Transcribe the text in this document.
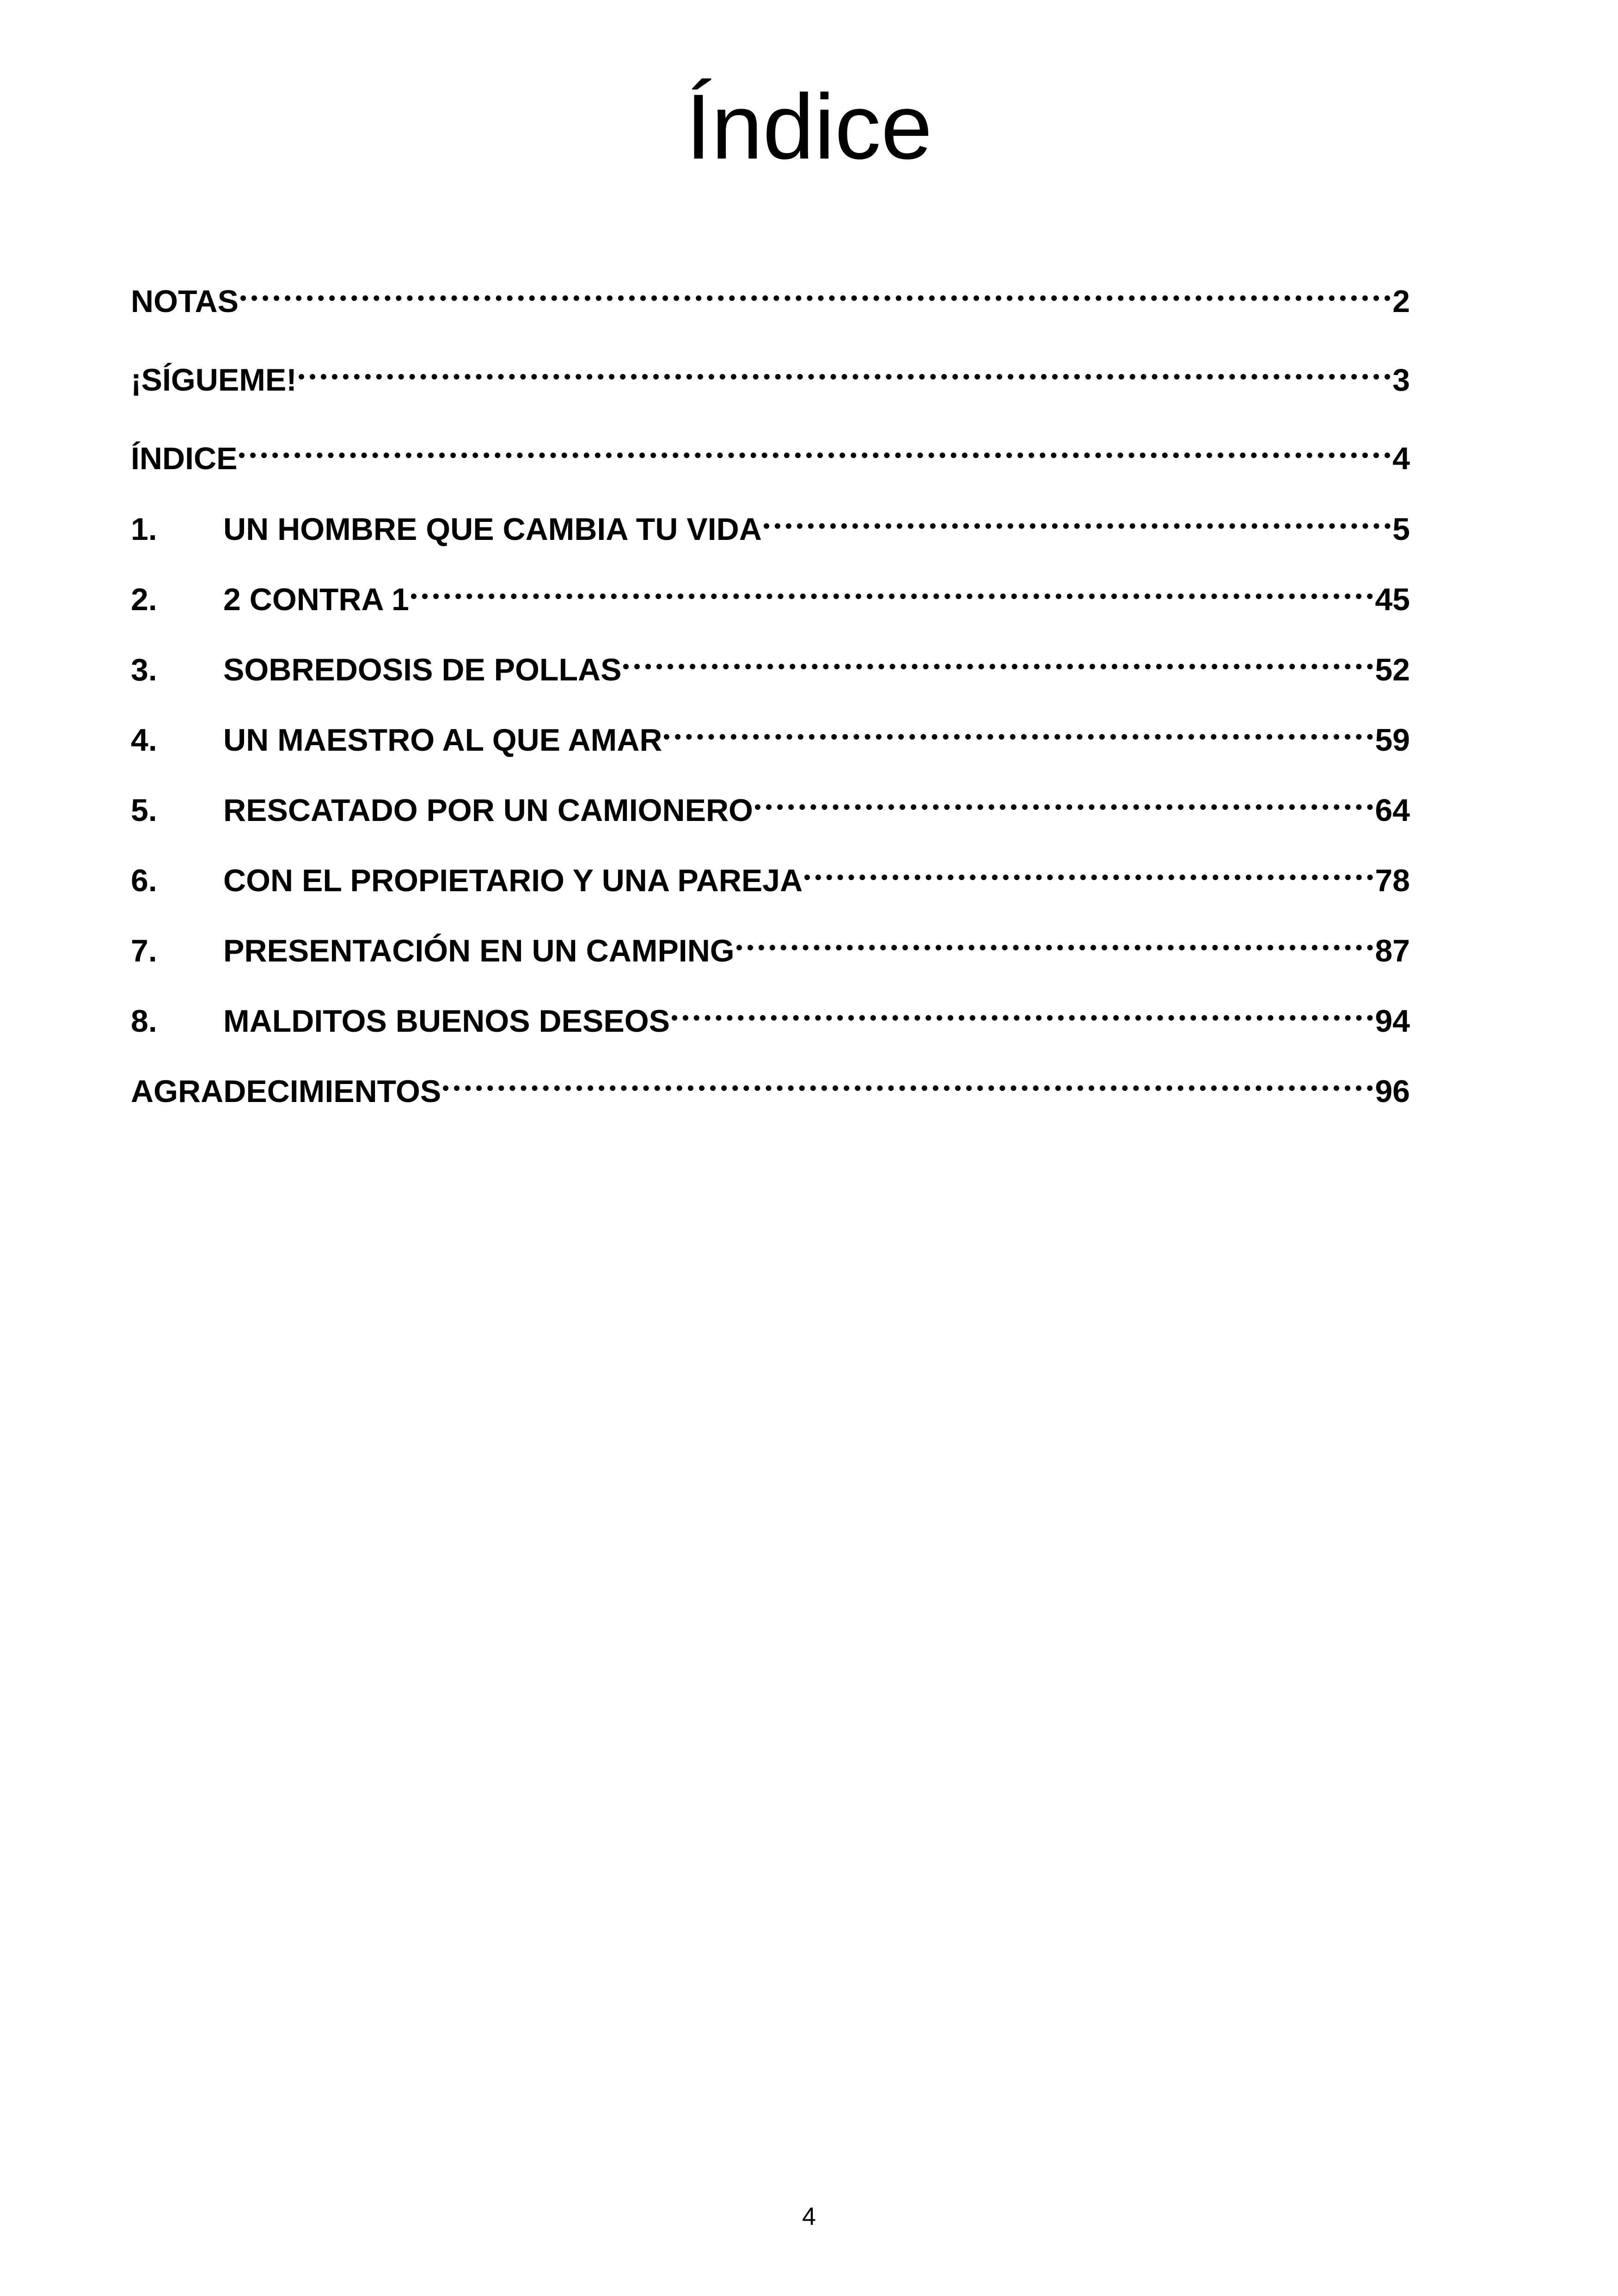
Índice
NOTAS	2
¡SÍGUEME!	3
ÍNDICE	4
1.	UN HOMBRE QUE CAMBIA TU VIDA	5
2.	2 CONTRA 1	45
3.	SOBREDOSIS DE POLLAS	52
4.	UN MAESTRO AL QUE AMAR	59
5.	RESCATADO POR UN CAMIONERO	64
6.	CON EL PROPIETARIO Y UNA PAREJA	78
7.	PRESENTACIÓN EN UN CAMPING	87
8.	MALDITOS BUENOS DESEOS	94
AGRADECIMIENTOS	96
4
